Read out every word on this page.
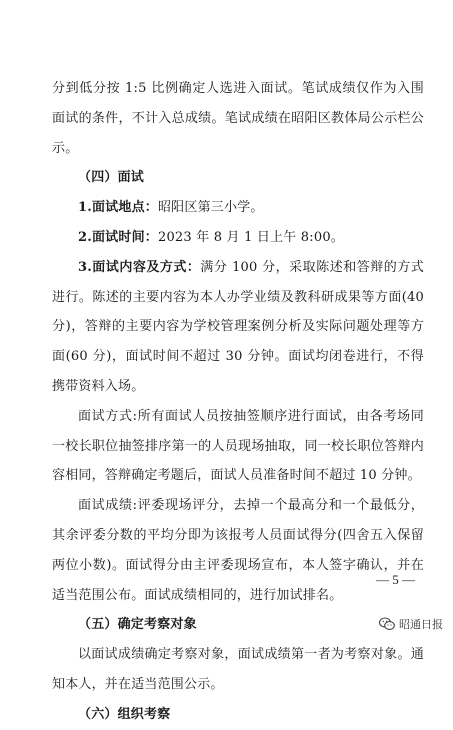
分到低分按 1:5 比例确定人选进入面试。笔试成绩仅作为入围面试的条件，不计入总成绩。笔试成绩在昭阳区教体局公示栏公示。

（四）面试

1.面试地点：昭阳区第三小学。

2.面试时间：2023 年 8 月 1 日上午 8:00。

3.面试内容及方式：满分 100 分，采取陈述和答辩的方式进行。陈述的主要内容为本人办学业绩及教科研成果等方面(40分)，答辩的主要内容为学校管理案例分析及实际问题处理等方面(60 分)，面试时间不超过 30 分钟。面试均闭卷进行，不得携带资料入场。

面试方式:所有面试人员按抽签顺序进行面试，由各考场同一校长职位抽签排序第一的人员现场抽取，同一校长职位答辩内容相同，答辩确定考题后，面试人员准备时间不超过 10 分钟。

面试成绩:评委现场评分，去掉一个最高分和一个最低分，其余评委分数的平均分即为该报考人员面试得分(四舍五入保留两位小数)。面试得分由主评委现场宣布，本人签字确认，并在适当范围公布。面试成绩相同的，进行加试排名。

（五）确定考察对象

以面试成绩确定考察对象，面试成绩第一者为考察对象。通知本人，并在适当范围公示。

（六）组织考察

— 5 —
昭通日报
